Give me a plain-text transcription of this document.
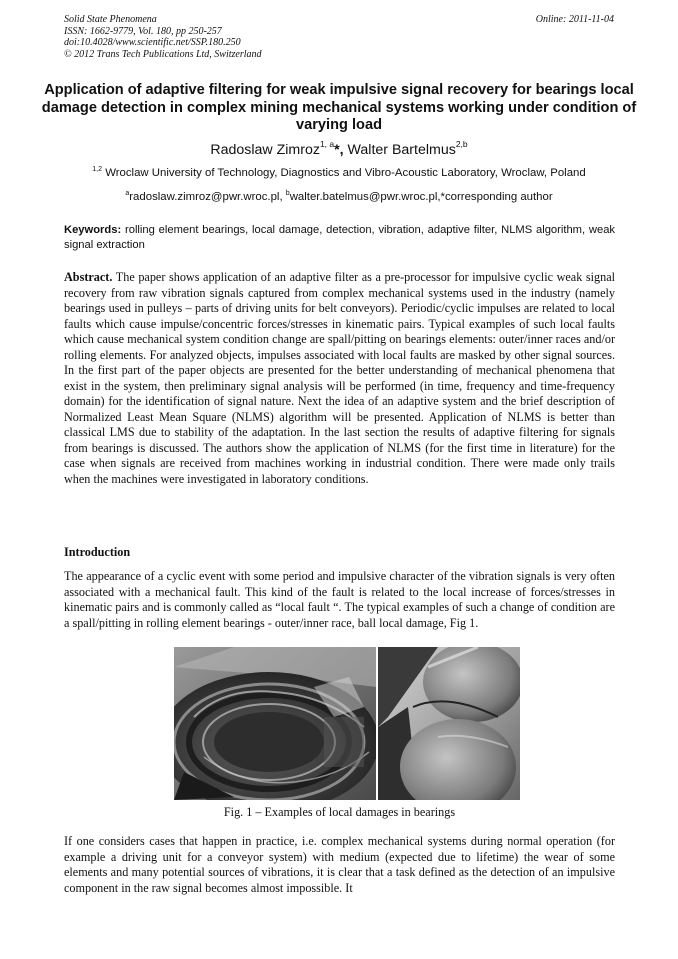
Solid State Phenomena
ISSN: 1662-9779, Vol. 180, pp 250-257
doi:10.4028/www.scientific.net/SSP.180.250
© 2012 Trans Tech Publications Ltd, Switzerland
Online: 2011-11-04
Application of adaptive filtering for weak impulsive signal recovery for bearings local damage detection in complex mining mechanical systems working under condition of varying load
Radoslaw Zimroz$^{1, a}$*, Walter Bartelmus$^{2,b}$
$^{1,2}$ Wroclaw University of Technology, Diagnostics and Vibro-Acoustic Laboratory, Wroclaw, Poland
$^a$radoslaw.zimroz@pwr.wroc.pl, $^b$walter.batelmus@pwr.wroc.pl,*corresponding author
Keywords: rolling element bearings, local damage, detection, vibration, adaptive filter, NLMS algorithm, weak signal extraction
Abstract. The paper shows application of an adaptive filter as a pre-processor for impulsive cyclic weak signal recovery from raw vibration signals captured from complex mechanical systems used in the industry (namely bearings used in pulleys – parts of driving units for belt conveyors). Periodic/cyclic impulses are related to local faults which cause impulse/concentric forces/stresses in kinematic pairs. Typical examples of such local faults which cause mechanical system condition change are spall/pitting on bearings elements: outer/inner races and/or rolling elements. For analyzed objects, impulses associated with local faults are masked by other signal sources. In the first part of the paper objects are presented for the better understanding of mechanical phenomena that exist in the system, then preliminary signal analysis will be performed (in time, frequency and time-frequency domain) for the identification of signal nature. Next the idea of an adaptive system and the brief description of Normalized Least Mean Square (NLMS) algorithm will be presented. Application of NLMS is better than classical LMS due to stability of the adaptation. In the last section the results of adaptive filtering for signals from bearings is discussed. The authors show the application of NLMS (for the first time in literature) for the case when signals are received from machines working in industrial condition. There were made only trails when the machines were investigated in laboratory conditions.
Introduction
The appearance of a cyclic event with some period and impulsive character of the vibration signals is very often associated with a mechanical fault. This kind of the fault is related to the local increase of forces/stresses in kinematic pairs and is commonly called as “local fault “. The typical examples of such a change of condition are a spall/pitting in rolling element bearings - outer/inner race, ball local damage, Fig 1.
Fig. 1 – Examples of local damages in bearings
If one considers cases that happen in practice, i.e. complex mechanical systems during normal operation (for example a driving unit for a conveyor system) with medium (expected due to lifetime) the wear of some elements and many potential sources of vibrations, it is clear that a task defined as the detection of an impulsive component in the raw signal becomes almost impossible. It
